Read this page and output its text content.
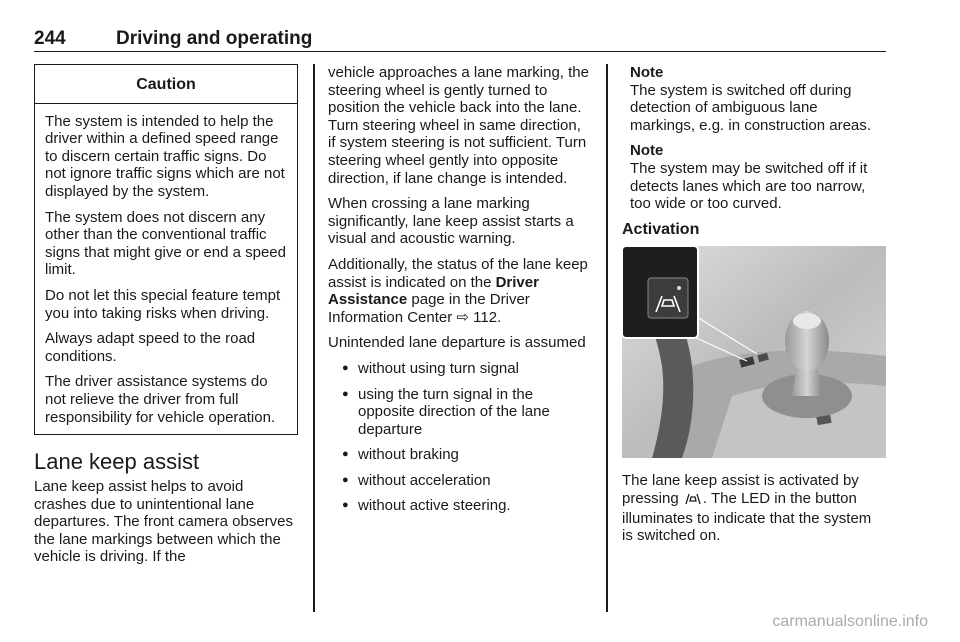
244	Driving and operating
Caution

The system is intended to help the driver within a defined speed range to discern certain traffic signs. Do not ignore traffic signs which are not displayed by the system.

The system does not discern any other than the conventional traffic signs that might give or end a speed limit.

Do not let this special feature tempt you into taking risks when driving.

Always adapt speed to the road conditions.

The driver assistance systems do not relieve the driver from full responsibility for vehicle operation.

Lane keep assist

Lane keep assist helps to avoid crashes due to unintentional lane departures. The front camera observes the lane markings between which the vehicle is driving. If the

vehicle approaches a lane marking, the steering wheel is gently turned to position the vehicle back into the lane. Turn steering wheel in same direction, if system steering is not sufficient. Turn steering wheel gently into opposite direction, if lane change is intended.

When crossing a lane marking significantly, lane keep assist starts a visual and acoustic warning.

Additionally, the status of the lane keep assist is indicated on the Driver Assistance page in the Driver Information Center ⇨ 112.

Unintended lane departure is assumed

● without using turn signal
● using the turn signal in the opposite direction of the lane departure
● without braking
● without acceleration
● without active steering.
Note
The system is switched off during detection of ambiguous lane markings, e.g. in construction areas.
Note
The system may be switched off if it detects lanes which are too narrow, too wide or too curved.
Activation

The lane keep assist is activated by pressing . The LED in the button illuminates to indicate that the system is switched on.

carmanualsonline.info
